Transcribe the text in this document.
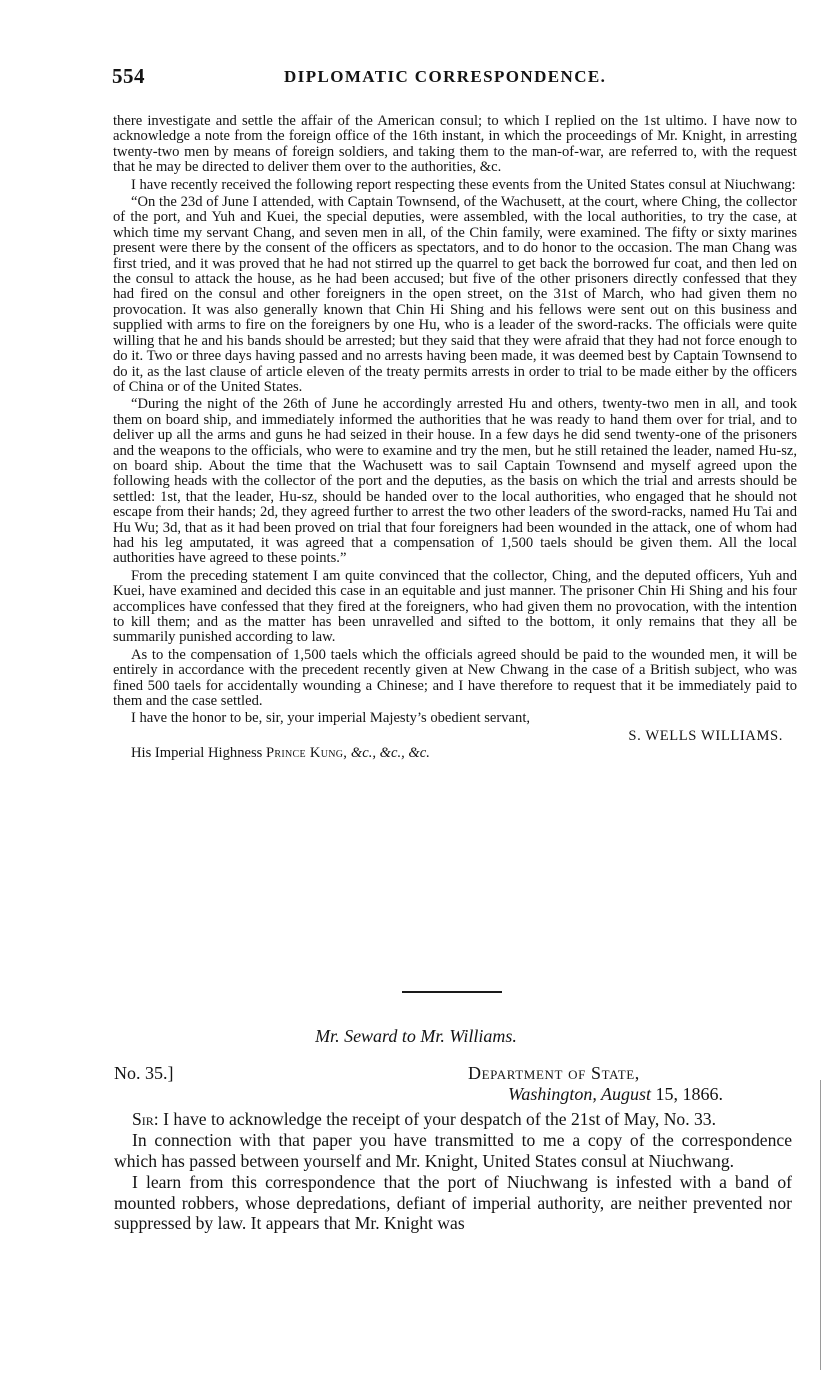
554	DIPLOMATIC CORRESPONDENCE.

there investigate and settle the affair of the American consul; to which I replied on the 1st ultimo. I have now to acknowledge a note from the foreign office of the 16th instant, in which the proceedings of Mr. Knight, in arresting twenty-two men by means of foreign soldiers, and taking them to the man-of-war, are referred to, with the request that he may be directed to deliver them over to the authorities, &c.

I have recently received the following report respecting these events from the United States consul at Niuchwang:

“On the 23d of June I attended, with Captain Townsend, of the Wachusett, at the court, where Ching, the collector of the port, and Yuh and Kuei, the special deputies, were assembled, with the local authorities, to try the case, at which time my servant Chang, and seven men in all, of the Chin family, were examined. The fifty or sixty marines present were there by the consent of the officers as spectators, and to do honor to the occasion. The man Chang was first tried, and it was proved that he had not stirred up the quarrel to get back the borrowed fur coat, and then led on the consul to attack the house, as he had been accused; but five of the other prisoners directly confessed that they had fired on the consul and other foreigners in the open street, on the 31st of March, who had given them no provocation. It was also generally known that Chin Hi Shing and his fellows were sent out on this business and supplied with arms to fire on the foreigners by one Hu, who is a leader of the sword-racks. The officials were quite willing that he and his bands should be arrested; but they said that they were afraid that they had not force enough to do it. Two or three days having passed and no arrests having been made, it was deemed best by Captain Townsend to do it, as the last clause of article eleven of the treaty permits arrests in order to trial to be made either by the officers of China or of the United States.

“During the night of the 26th of June he accordingly arrested Hu and others, twenty-two men in all, and took them on board ship, and immediately informed the authorities that he was ready to hand them over for trial, and to deliver up all the arms and guns he had seized in their house. In a few days he did send twenty-one of the prisoners and the weapons to the officials, who were to examine and try the men, but he still retained the leader, named Hu-sz, on board ship. About the time that the Wachusett was to sail Captain Townsend and myself agreed upon the following heads with the collector of the port and the deputies, as the basis on which the trial and arrests should be settled: 1st, that the leader, Hu-sz, should be handed over to the local authorities, who engaged that he should not escape from their hands; 2d, they agreed further to arrest the two other leaders of the sword-racks, named Hu Tai and Hu Wu; 3d, that as it had been proved on trial that four foreigners had been wounded in the attack, one of whom had had his leg amputated, it was agreed that a compensation of 1,500 taels should be given them. All the local authorities have agreed to these points.”

From the preceding statement I am quite convinced that the collector, Ching, and the deputed officers, Yuh and Kuei, have examined and decided this case in an equitable and just manner. The prisoner Chin Hi Shing and his four accomplices have confessed that they fired at the foreigners, who had given them no provocation, with the intention to kill them; and as the matter has been unravelled and sifted to the bottom, it only remains that they all be summarily punished according to law.

As to the compensation of 1,500 taels which the officials agreed should be paid to the wounded men, it will be entirely in accordance with the precedent recently given at New Chwang in the case of a British subject, who was fined 500 taels for accidentally wounding a Chinese; and I have therefore to request that it be immediately paid to them and the case settled.

I have the honor to be, sir, your imperial Majesty’s obedient servant,

S. WELLS WILLIAMS.

His Imperial Highness Prince Kung, &c., &c., &c.

Mr. Seward to Mr. Williams.
No. 35.]	Department of State,
Washington, August 15, 1866.

Sir: I have to acknowledge the receipt of your despatch of the 21st of May, No. 33.

In connection with that paper you have transmitted to me a copy of the correspondence which has passed between yourself and Mr. Knight, United States consul at Niuchwang.

I learn from this correspondence that the port of Niuchwang is infested with a band of mounted robbers, whose depredations, defiant of imperial authority, are neither prevented nor suppressed by law. It appears that Mr. Knight was
